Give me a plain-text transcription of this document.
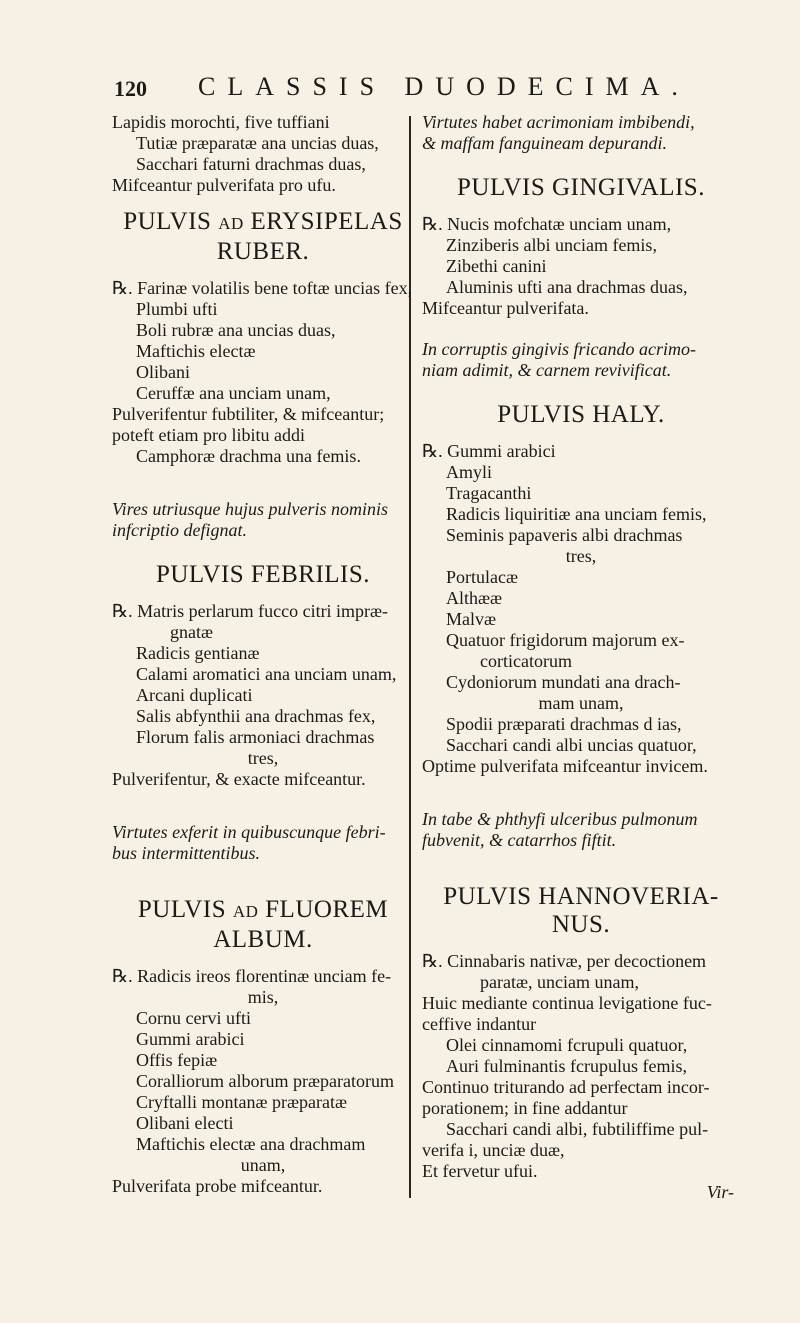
120 CLASSIS DUODECIMA.
Lapidis morochti, five tuffiani
Tutiæ præparatæ ana uncias duas,
Sacchari faturni drachmas duas,
Mifceantur pulverifata pro ufu.
PULVIS AD ERYSIPELAS
RUBER.
℞. Farinæ volatilis bene toftæ uncias fex,
Plumbi ufti
Boli rubræ ana uncias duas,
Maftichis electæ
Olibani
Ceruffæ ana unciam unam,
Pulverifentur fubtiliter, & mifceantur;
poteft etiam pro libitu addi
Camphoræ drachma una femis.
Vires utriusque hujus pulveris nominis
infcriptio defignat.
PULVIS FEBRILIS.
℞. Matris perlarum fucco citri impræ-
gnatæ
Radicis gentianæ
Calami aromatici ana unciam unam,
Arcani duplicati
Salis abfynthii ana drachmas fex,
Florum falis armoniaci drachmas
tres,
Pulverifentur, & exacte mifceantur.
Virtutes exferit in quibuscunque febri-
bus intermittentibus.
PULVIS AD FLUOREM
ALBUM.
℞. Radicis ireos florentinæ unciam fe-
mis,
Cornu cervi ufti
Gummi arabici
Offis fepiæ
Coralliorum alborum præparatorum
Cryftalli montanæ præparatæ
Olibani electi
Maftichis electæ ana drachmam
unam,
Pulverifata probe mifceantur.
Virtutes habet acrimoniam imbibendi,
& maffam fanguineam depurandi.
PULVIS GINGIVALIS.
℞. Nucis mofchatæ unciam unam,
Zinziberis albi unciam femis,
Zibethi canini
Aluminis ufti ana drachmas duas,
Mifceantur pulverifata.
In corruptis gingivis fricando acrimo-
niam adimit, & carnem revivificat.
PULVIS HALY.
℞. Gummi arabici
Amyli
Tragacanthi
Radicis liquiritiæ ana unciam femis,
Seminis papaveris albi drachmas
tres,
Portulacæ
Althææ
Malvæ
Quatuor frigidorum majorum ex-
corticatorum
Cydoniorum mundati ana drach-
mam unam,
Spodii præparati drachmas d ias,
Sacchari candi albi uncias quatuor,
Optime pulverifata mifceantur invicem.
In tabe & phthyfi ulceribus pulmonum
fubvenit, & catarrhos fiftit.
PULVIS HANNOVERIA-
NUS.
℞. Cinnabaris nativæ, per decoctionem
paratæ, unciam unam,
Huic mediante continua levigatione fuc-
ceffive indantur
Olei cinnamomi fcrupuli quatuor,
Auri fulminantis fcrupulus femis,
Continuo triturando ad perfectam incor-
porationem; in fine addantur
Sacchari candi albi, fubtiliffime pul-
verifa i, unciæ duæ,
Et fervetur ufui.
Vir-
